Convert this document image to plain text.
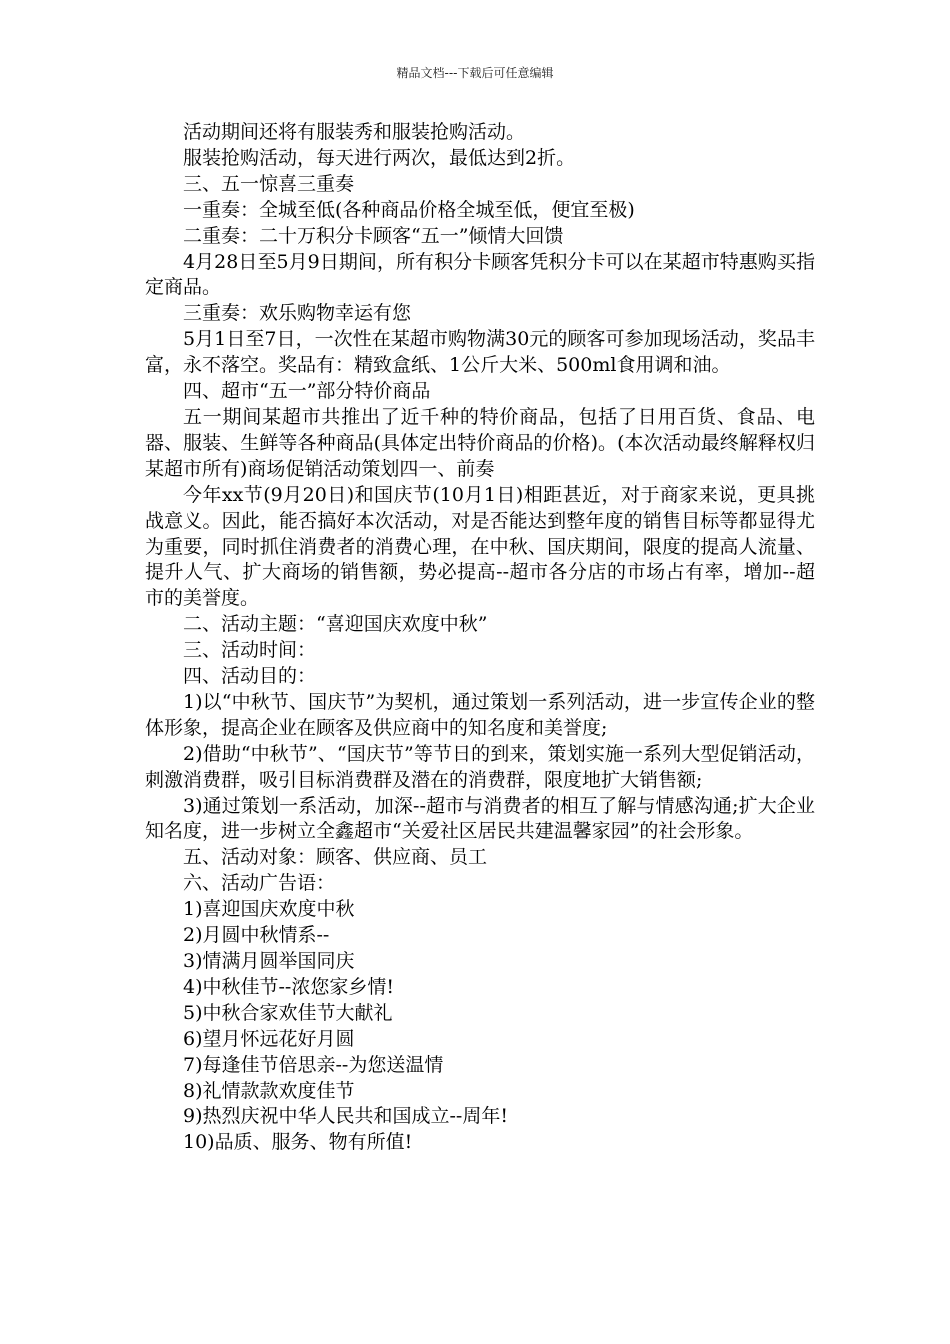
精品文档---下载后可任意编辑

活动期间还将有服装秀和服装抢购活动。

服装抢购活动，每天进行两次，最低达到2折。

三、五一惊喜三重奏

一重奏：全城至低(各种商品价格全城至低，便宜至极)

二重奏：二十万积分卡顾客“五一”倾情大回馈

4月28日至5月9日期间，所有积分卡顾客凭积分卡可以在某超市特惠购买指定商品。

三重奏：欢乐购物幸运有您

5月1日至7日，一次性在某超市购物满30元的顾客可参加现场活动，奖品丰富，永不落空。奖品有：精致盒纸、1公斤大米、500ml食用调和油。

四、超市“五一”部分特价商品

五一期间某超市共推出了近千种的特价商品，包括了日用百货、食品、电器、服装、生鲜等各种商品(具体定出特价商品的价格)。(本次活动最终解释权归某超市所有)商场促销活动策划四一、前奏

今年xx节(9月20日)和国庆节(10月1日)相距甚近，对于商家来说，更具挑战意义。因此，能否搞好本次活动，对是否能达到整年度的销售目标等都显得尤为重要，同时抓住消费者的消费心理，在中秋、国庆期间，限度的提高人流量、提升人气、扩大商场的销售额，势必提高--超市各分店的市场占有率，增加--超市的美誉度。

二、活动主题：“喜迎国庆欢度中秋”

三、活动时间：

四、活动目的：

1)以“中秋节、国庆节”为契机，通过策划一系列活动，进一步宣传企业的整体形象，提高企业在顾客及供应商中的知名度和美誉度;

2)借助“中秋节”、“国庆节”等节日的到来，策划实施一系列大型促销活动，刺激消费群，吸引目标消费群及潜在的消费群，限度地扩大销售额;

3)通过策划一系活动，加深--超市与消费者的相互了解与情感沟通;扩大企业知名度，进一步树立全鑫超市“关爱社区居民共建温馨家园”的社会形象。

五、活动对象：顾客、供应商、员工

六、活动广告语：

1)喜迎国庆欢度中秋

2)月圆中秋情系--

3)情满月圆举国同庆

4)中秋佳节--浓您家乡情!

5)中秋合家欢佳节大献礼

6)望月怀远花好月圆

7)每逢佳节倍思亲--为您送温情

8)礼情款款欢度佳节

9)热烈庆祝中华人民共和国成立--周年!

10)品质、服务、物有所值!
